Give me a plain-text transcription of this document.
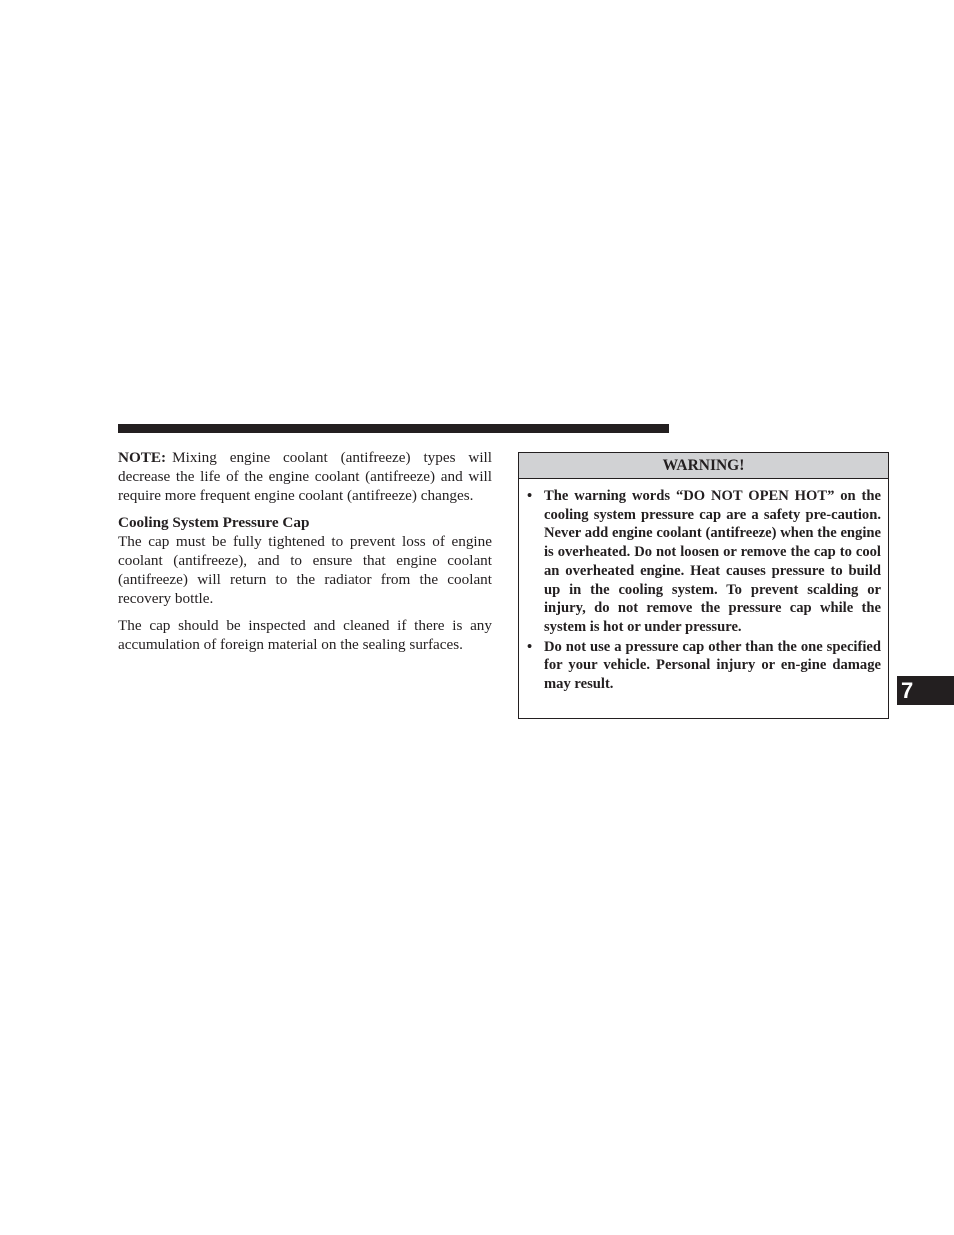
NOTE: Mixing engine coolant (antifreeze) types will decrease the life of the engine coolant (antifreeze) and will require more frequent engine coolant (antifreeze) changes.

Cooling System Pressure Cap

The cap must be fully tightened to prevent loss of engine coolant (antifreeze), and to ensure that engine coolant (antifreeze) will return to the radiator from the coolant recovery bottle.

The cap should be inspected and cleaned if there is any accumulation of foreign material on the sealing surfaces.

WARNING!
• The warning words “DO NOT OPEN HOT” on the cooling system pressure cap are a safety pre-caution. Never add engine coolant (antifreeze) when the engine is overheated. Do not loosen or remove the cap to cool an overheated engine. Heat causes pressure to build up in the cooling system. To prevent scalding or injury, do not remove the pressure cap while the system is hot or under pressure.
• Do not use a pressure cap other than the one specified for your vehicle. Personal injury or en-gine damage may result.	7
